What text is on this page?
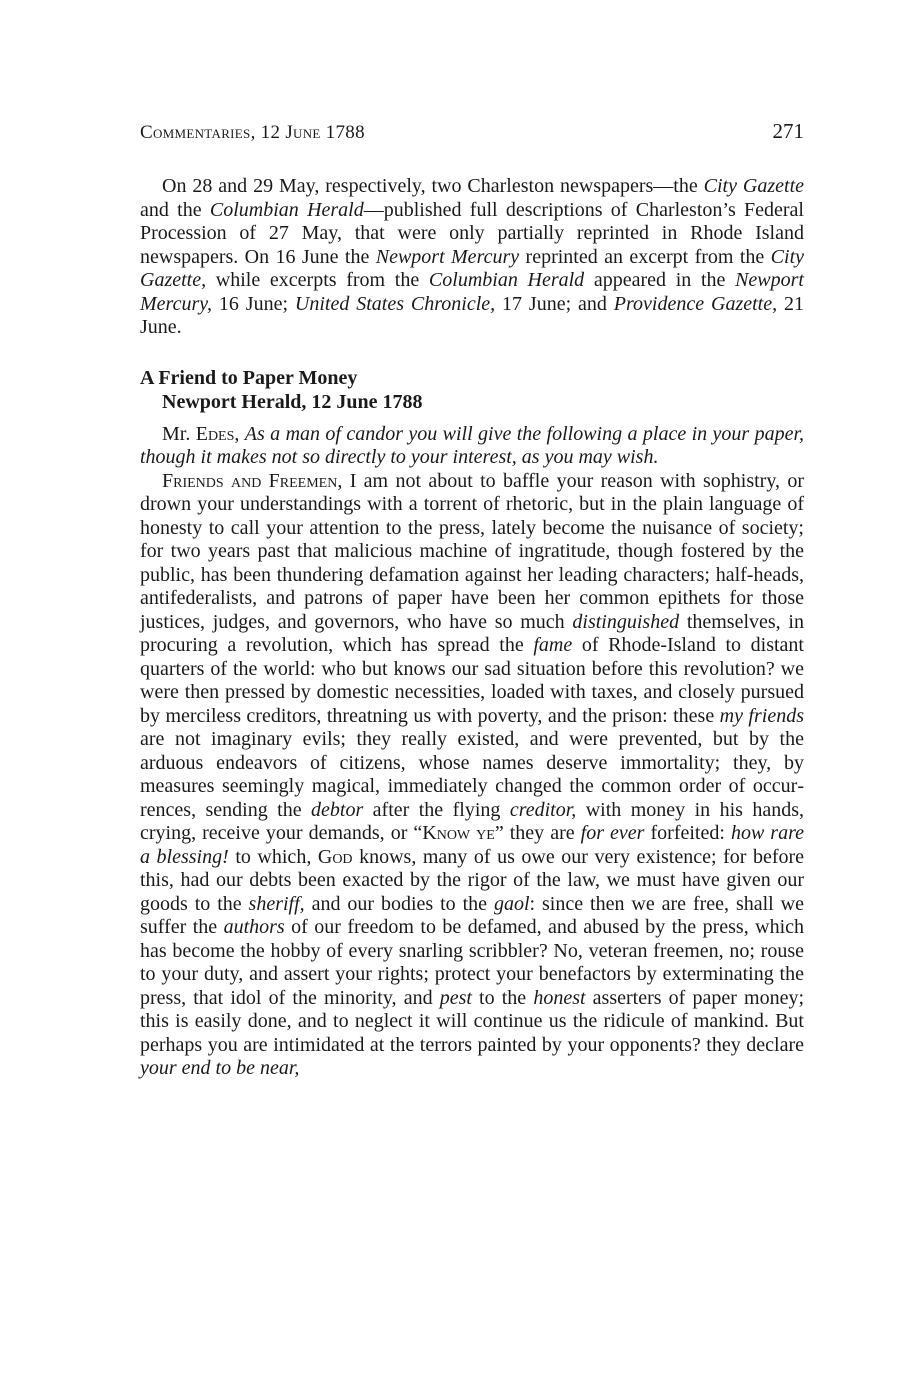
Commentaries, 12 June 1788	271

On 28 and 29 May, respectively, two Charleston newspapers—the City Gazette and the Columbian Herald—published full descriptions of Charleston’s Federal Procession of 27 May, that were only partially reprinted in Rhode Island newspapers. On 16 June the Newport Mercury reprinted an excerpt from the City Gazette, while excerpts from the Columbian Herald appeared in the Newport Mercury, 16 June; United States Chronicle, 17 June; and Providence Gazette, 21 June.

A Friend to Paper Money
Newport Herald, 12 June 1788

Mr. Edes, As a man of candor you will give the following a place in your paper, though it makes not so directly to your interest, as you may wish.

Friends and Freemen, I am not about to baffle your reason with sophistry, or drown your understandings with a torrent of rhetoric, but in the plain language of honesty to call your attention to the press, lately become the nuisance of society; for two years past that malicious machine of ingratitude, though fostered by the public, has been thundering defamation against her leading characters; half-heads, antifederalists, and patrons of paper have been her common epithets for those justices, judges, and governors, who have so much distinguished themselves, in procuring a revolution, which has spread the fame of Rhode-Island to distant quarters of the world: who but knows our sad situation before this revolution? we were then pressed by domestic necessities, loaded with taxes, and closely pursued by merciless creditors, threatning us with poverty, and the prison: these my friends are not imaginary evils; they really existed, and were prevented, but by the arduous endeavors of citizens, whose names deserve immortality; they, by measures seemingly magical, immediately changed the common order of occurrences, sending the debtor after the flying creditor, with money in his hands, crying, receive your demands, or “Know ye” they are for ever forfeited: how rare a blessing! to which, God knows, many of us owe our very existence; for before this, had our debts been exacted by the rigor of the law, we must have given our goods to the sheriff, and our bodies to the gaol: since then we are free, shall we suffer the authors of our freedom to be defamed, and abused by the press, which has become the hobby of every snarling scribbler? No, veteran freemen, no; rouse to your duty, and assert your rights; protect your benefactors by exterminating the press, that idol of the minority, and pest to the honest asserters of paper money; this is easily done, and to neglect it will continue us the ridicule of mankind. But perhaps you are intimidated at the terrors painted by your opponents? they declare your end to be near,
